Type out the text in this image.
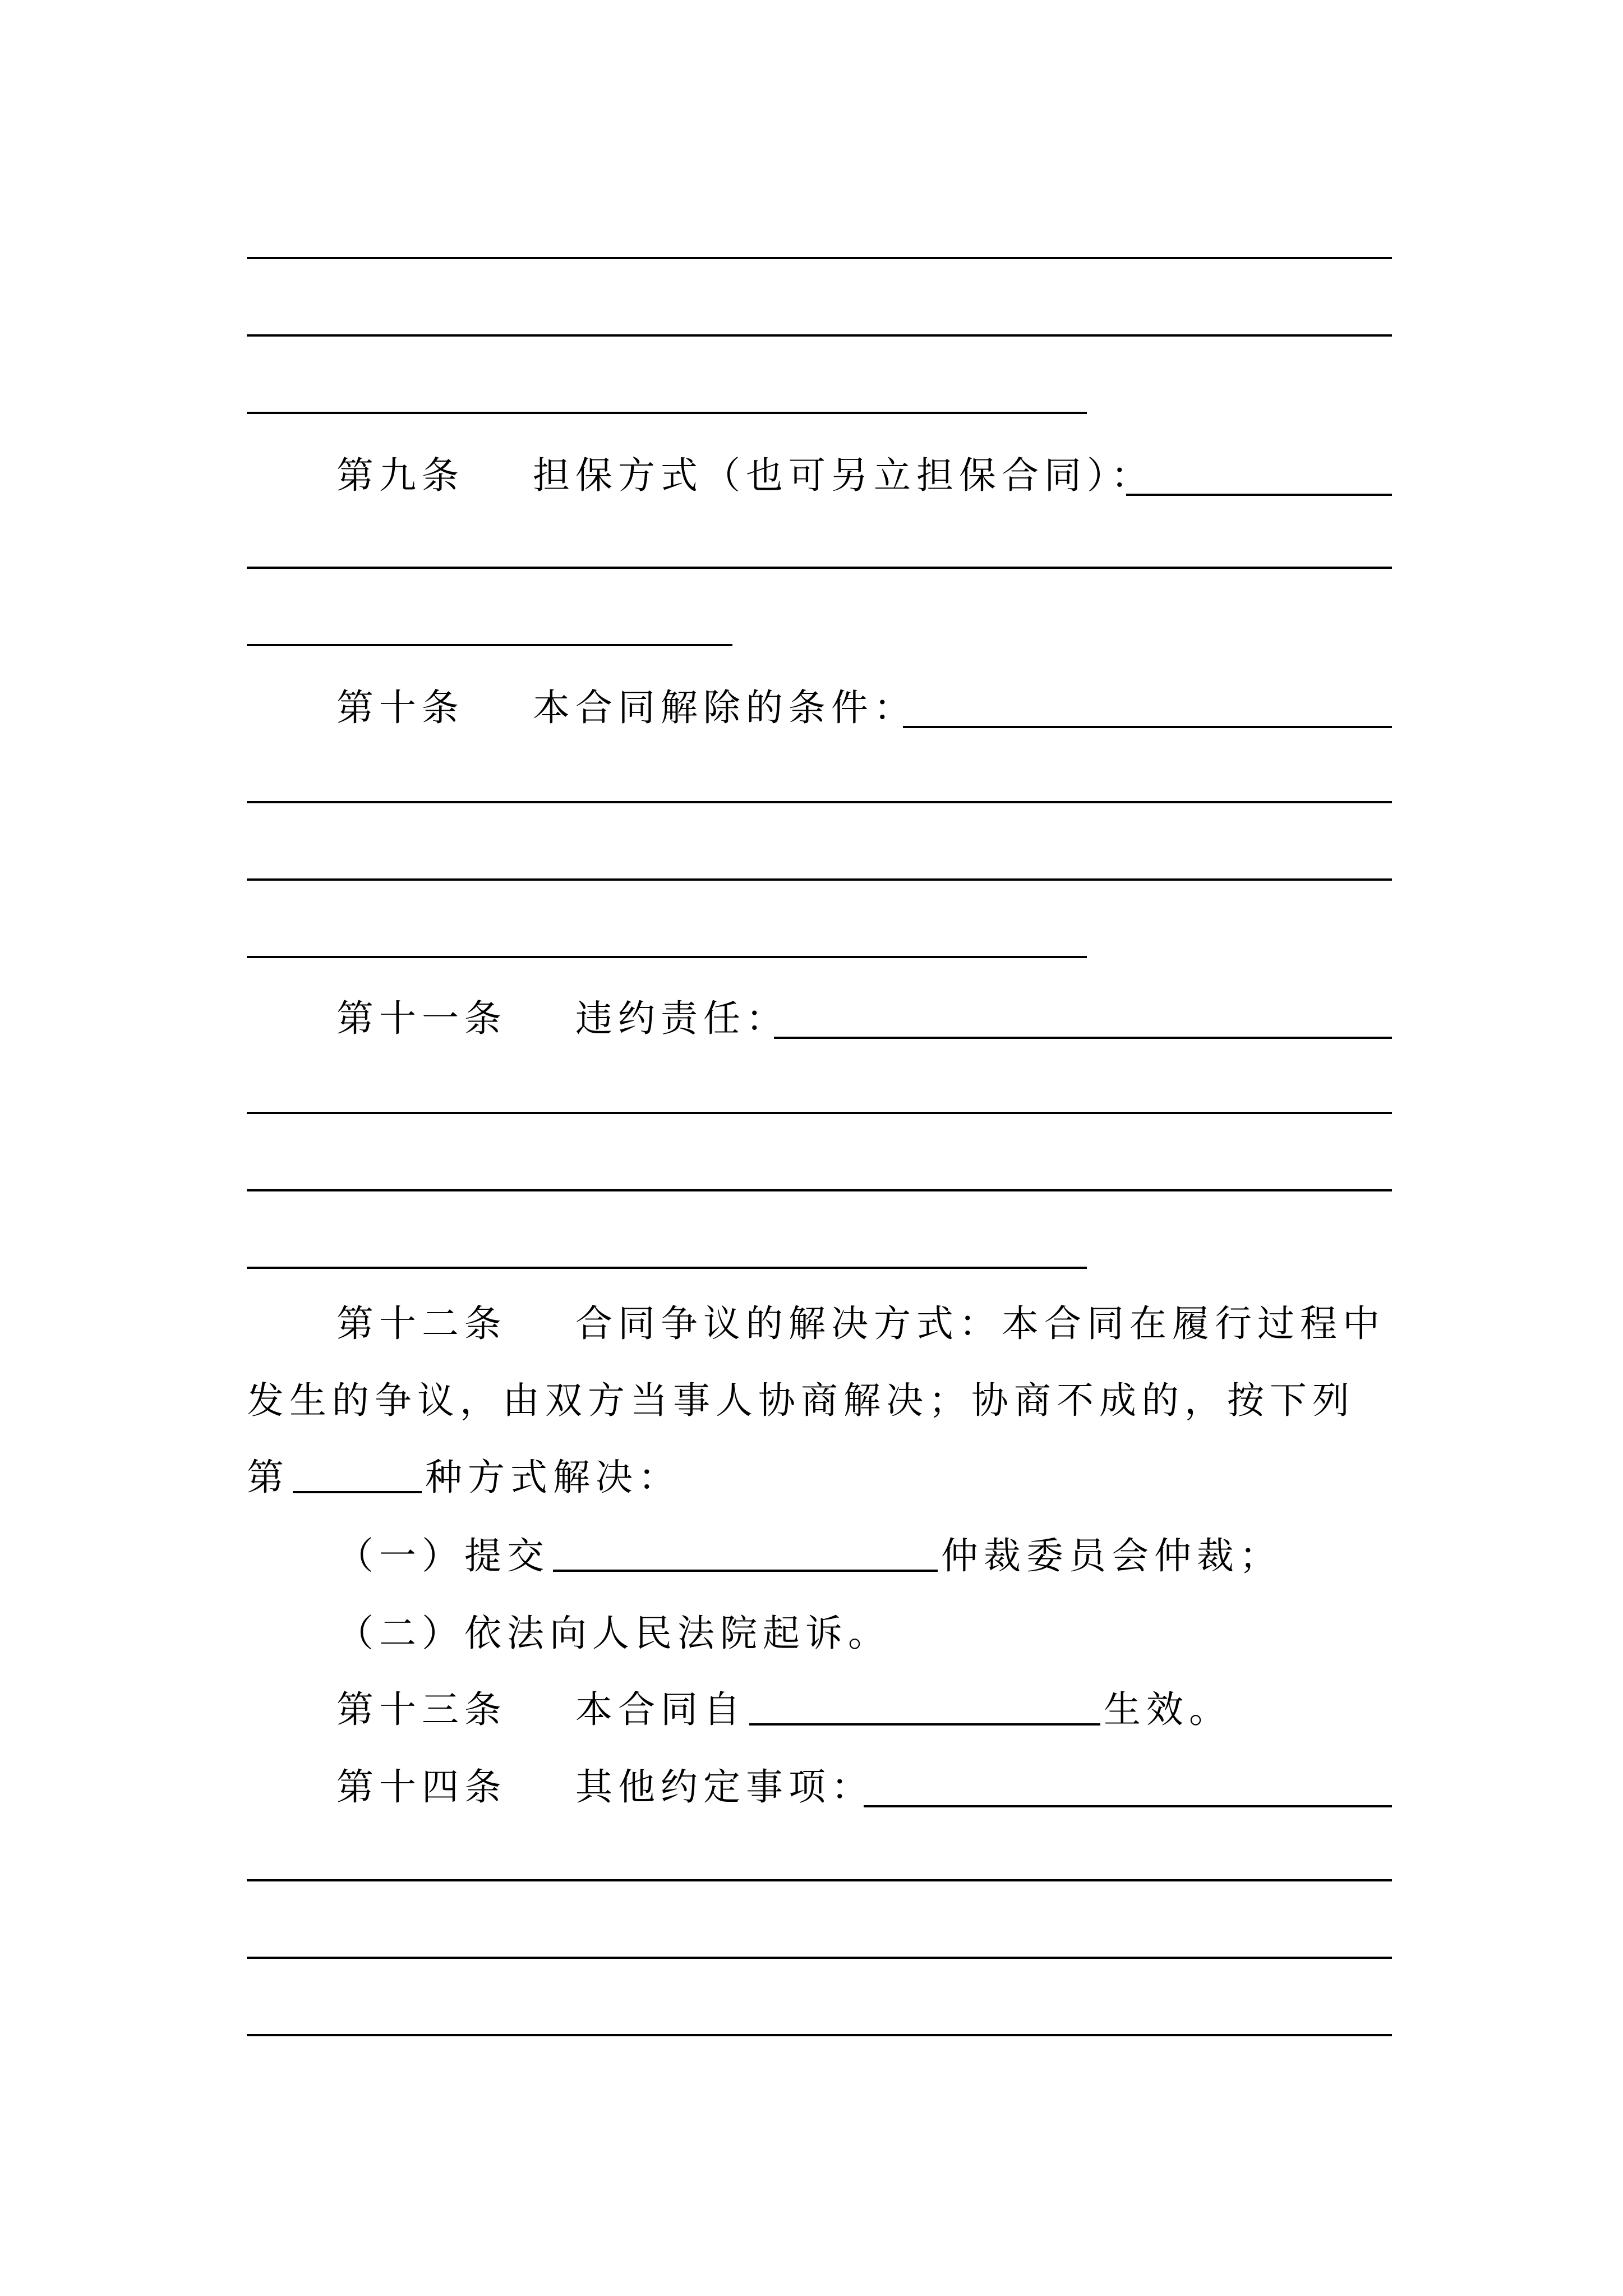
第九条 担保方式（也可另立担保合同）：
第十条 本合同解除的条件：
第十一条 违约责任：
第十二条 合同争议的解决方式：本合同在履行过程中
发生的争议，由双方当事人协商解决；协商不成的，按下列
第	种方式解决：
（一）提交	仲裁委员会仲裁；
（二）依法向人民法院起诉。
第十三条 本合同自	生效。
第十四条 其他约定事项：
